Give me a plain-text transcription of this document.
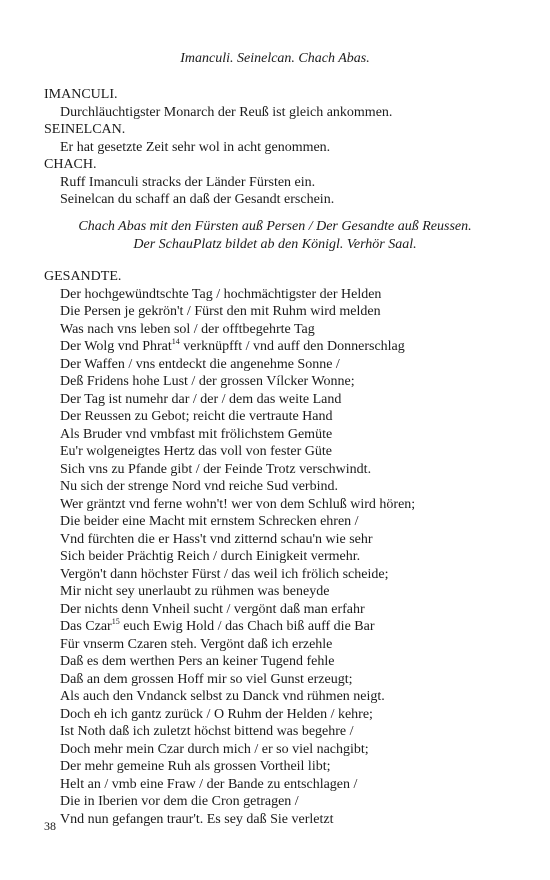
Imanculi. Seinelcan. Chach Abas.
IMANCULI.
Durchläuchtigster Monarch der Reuß ist gleich ankommen.
SEINELCAN.
Er hat gesetzte Zeit sehr wol in acht genommen.
CHACH.
Ruff Imanculi stracks der Länder Fürsten ein.
Seinelcan du schaff an daß der Gesandt erschein.
Chach Abas mit den Fürsten auß Persen / Der Gesandte auß Reussen.
Der SchauPlatz bildet ab den Königl. Verhör Saal.
GESANDTE.
Der hochgewündtschte Tag / hochmächtigster der Helden
Die Persen je gekrön't / Fürst den mit Ruhm wird melden
Was nach vns leben sol / der offtbegehrte Tag
Der Wolg vnd Phrat$^{14}$ verknüpfft / vnd auff den Donnerschlag
Der Waffen / vns entdeckt die angenehme Sonne /
Deß Fridens hohe Lust / der grossen Vílcker Wonne;
Der Tag ist numehr dar / der / dem das weite Land
Der Reussen zu Gebot; reicht die vertraute Hand
Als Bruder vnd vmbfast mit frölichstem Gemüte
Eu'r wolgeneigtes Hertz das voll von fester Güte
Sich vns zu Pfande gibt / der Feinde Trotz verschwindt.
Nu sich der strenge Nord vnd reiche Sud verbind.
Wer gräntzt vnd ferne wohn't! wer von dem Schluß wird hören;
Die beider eine Macht mit ernstem Schrecken ehren /
Vnd fürchten die er Hass't vnd zitternd schau'n wie sehr
Sich beider Prächtig Reich / durch Einigkeit vermehr.
Vergön't dann höchster Fürst / das weil ich frölich scheide;
Mir nicht sey unerlaubt zu rühmen was beneyde
Der nichts denn Vnheil sucht / vergönt daß man erfahr
Das Czar$^{15}$ euch Ewig Hold / das Chach biß auff die Bar
Für vnserm Czaren steh. Vergönt daß ich erzehle
Daß es dem werthen Pers an keiner Tugend fehle
Daß an dem grossen Hoff mir so viel Gunst erzeugt;
Als auch den Vndanck selbst zu Danck vnd rühmen neigt.
Doch eh ich gantz zurück / O Ruhm der Helden / kehre;
Ist Noth daß ich zuletzt höchst bittend was begehre /
Doch mehr mein Czar durch mich / er so viel nachgibt;
Der mehr gemeine Ruh als grossen Vortheil libt;
Helt an / vmb eine Fraw / der Bande zu entschlagen /
Die in Iberien vor dem die Cron getragen /
Vnd nun gefangen traur't. Es sey daß Sie verletzt
38
